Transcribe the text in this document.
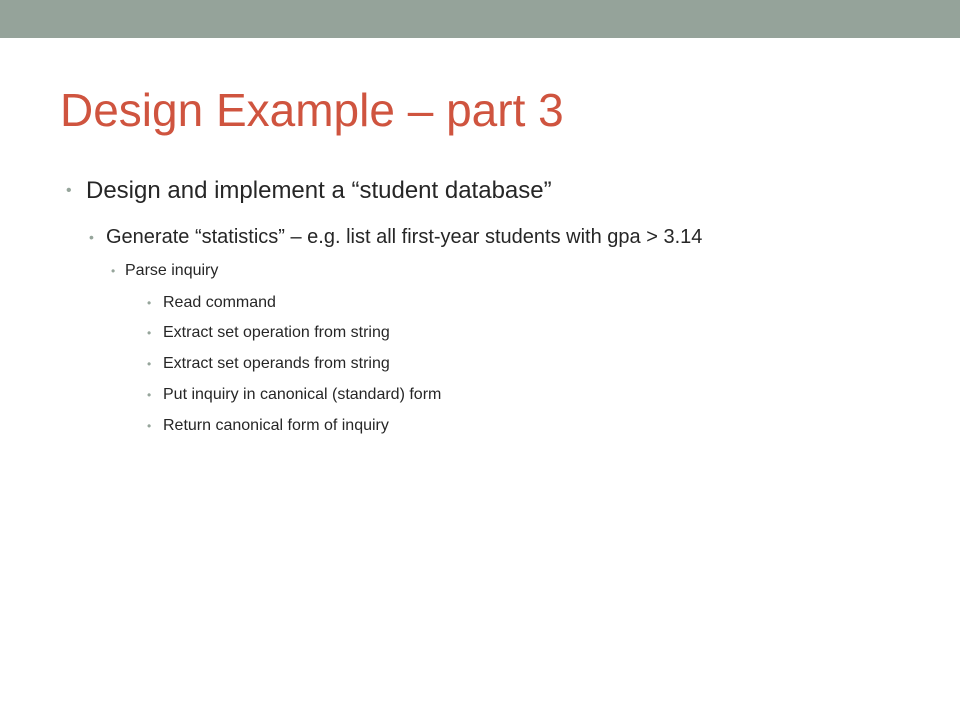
Design Example – part 3
• Design and implement a “student database”
• Generate “statistics” – e.g. list all first-year students with gpa > 3.14
• Parse inquiry
• Read command
• Extract set operation from string
• Extract set operands from string
• Put inquiry in canonical (standard) form
• Return canonical form of inquiry
